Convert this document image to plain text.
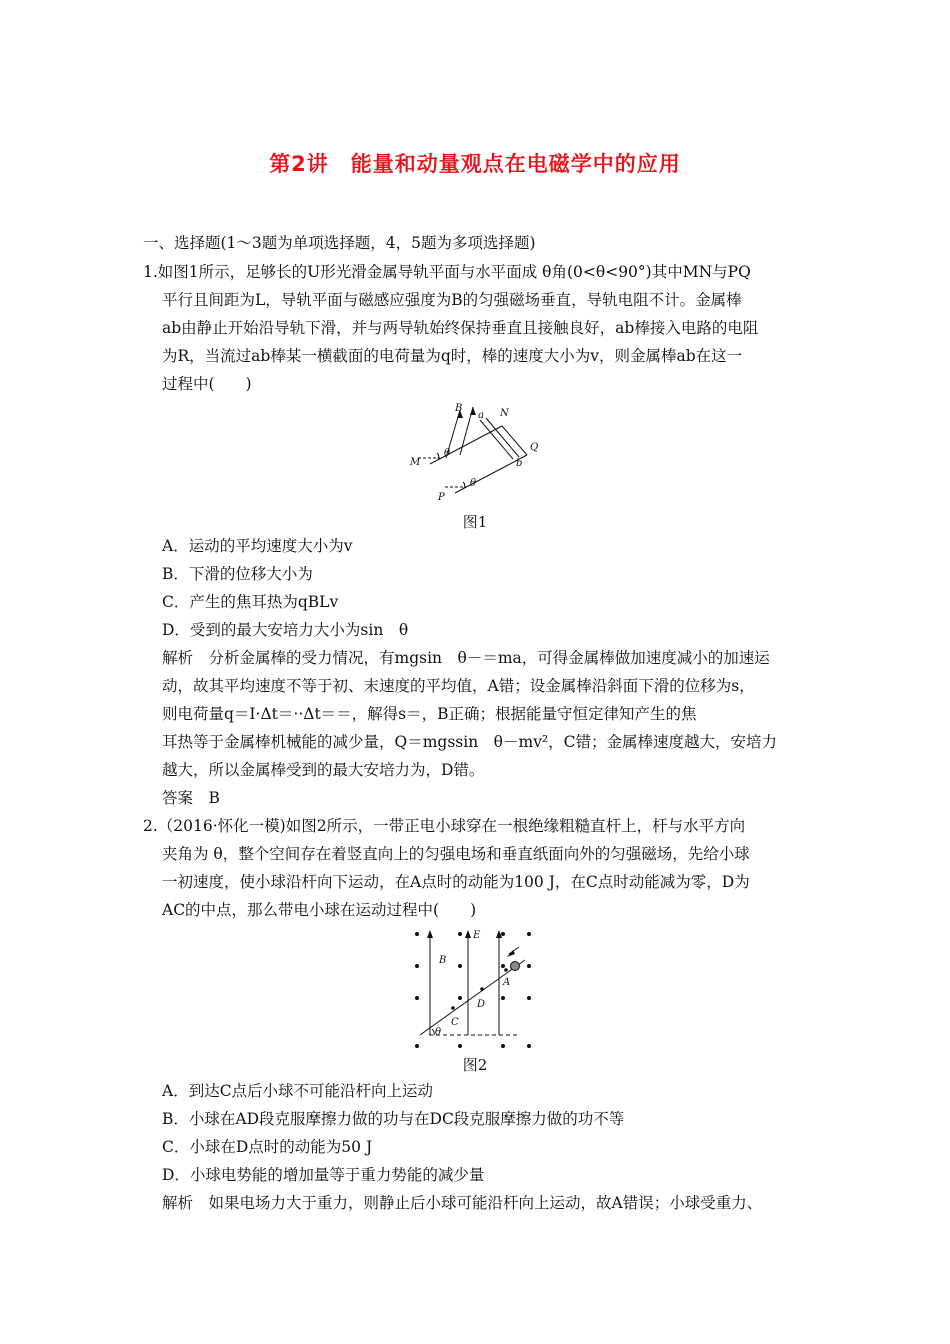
第2讲　能量和动量观点在电磁学中的应用
一、选择题(1～3题为单项选择题，4，5题为多项选择题)
1.如图1所示，足够长的U形光滑金属导轨平面与水平面成 θ角(0<θ<90°)其中MN与PQ
平行且间距为L，导轨平面与磁感应强度为B的匀强磁场垂直，导轨电阻不计。金属棒
ab由静止开始沿导轨下滑，并与两导轨始终保持垂直且接触良好，ab棒接入电路的电阻
为R，当流过ab棒某一横截面的电荷量为q时，棒的速度大小为v，则金属棒ab在这一
过程中(　　)
B
a N
Q
b
M
θ
P
θ
图1
A．运动的平均速度大小为v
B．下滑的位移大小为
C．产生的焦耳热为qBLv
D．受到的最大安培力大小为sin　θ
解析　分析金属棒的受力情况，有mgsin　θ－＝ma，可得金属棒做加速度减小的加速运
动，故其平均速度不等于初、末速度的平均值，A错；设金属棒沿斜面下滑的位移为s，
则电荷量q＝I·Δt＝··Δt＝＝，解得s＝，B正确；根据能量守恒定律知产生的焦
耳热等于金属棒机械能的减少量，Q＝mgssin　θ－mv²，C错；金属棒速度越大，安培力
越大，所以金属棒受到的最大安培力为，D错。
答案　B
2.（2016·怀化一模)如图2所示，一带正电小球穿在一根绝缘粗糙直杆上，杆与水平方向
夹角为 θ，整个空间存在着竖直向上的匀强电场和垂直纸面向外的匀强磁场，先给小球
一初速度，使小球沿杆向下运动，在A点时的动能为100 J，在C点时动能减为零，D为
AC的中点，那么带电小球在运动过程中(　　)
E
B
A
D
C
θ
图2
A．到达C点后小球不可能沿杆向上运动
B．小球在AD段克服摩擦力做的功与在DC段克服摩擦力做的功不等
C．小球在D点时的动能为50 J
D．小球电势能的增加量等于重力势能的减少量
解析　如果电场力大于重力，则静止后小球可能沿杆向上运动，故A错误；小球受重力、
